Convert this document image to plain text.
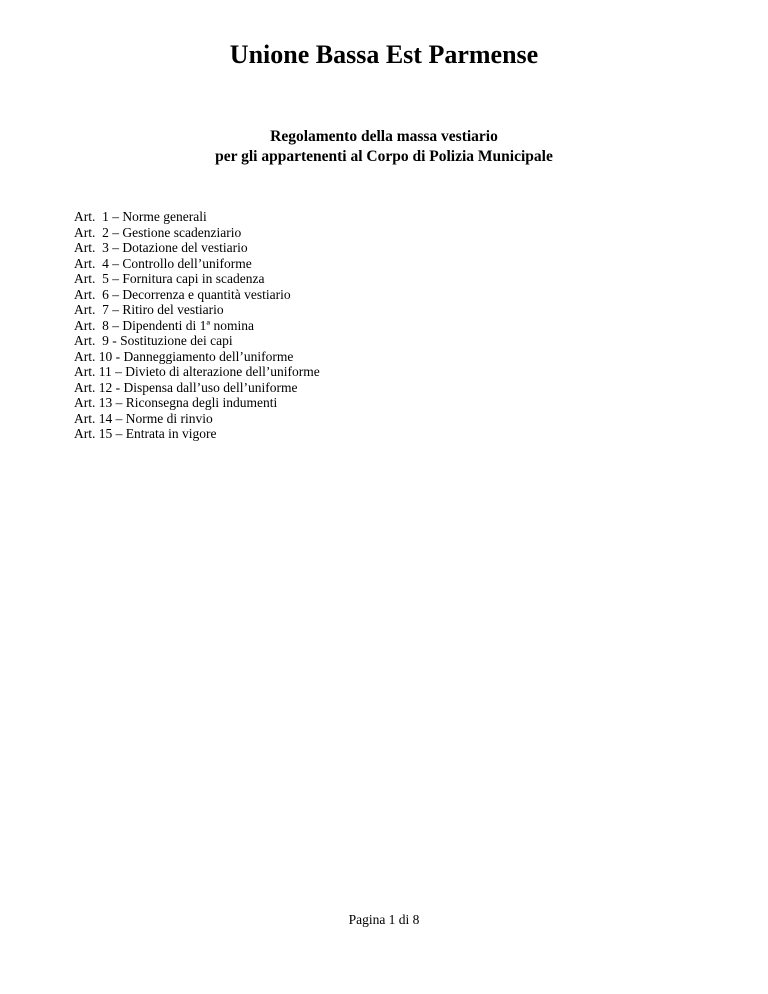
Unione Bassa Est Parmense
Regolamento della massa vestiario
per gli appartenenti al Corpo di Polizia Municipale
Art.  1 – Norme generali
Art.  2 – Gestione scadenziario
Art.  3 – Dotazione del vestiario
Art.  4 – Controllo dell’uniforme
Art.  5 – Fornitura capi in scadenza
Art.  6 – Decorrenza e quantità vestiario
Art.  7 – Ritiro del vestiario
Art.  8 – Dipendenti di 1ª nomina
Art.  9 - Sostituzione dei capi
Art. 10 - Danneggiamento dell’uniforme
Art. 11 – Divieto di alterazione dell’uniforme
Art. 12 - Dispensa dall’uso dell’uniforme
Art. 13 – Riconsegna degli indumenti
Art. 14 – Norme di rinvio
Art. 15 – Entrata in vigore
Pagina 1 di 8
